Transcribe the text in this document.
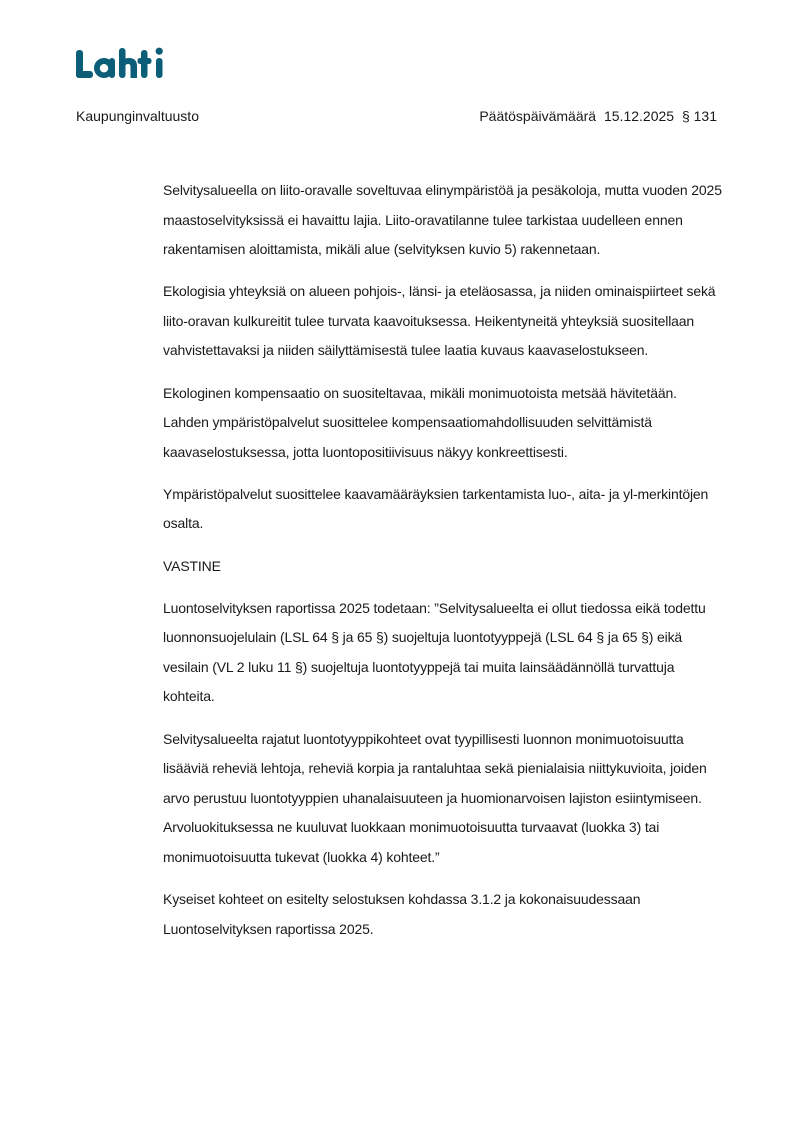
Kaupunginvaltuusto	Päätöspäivämäärä 15.12.2025 § 131

Selvitysalueella on liito-oravalle soveltuvaa elinympäristöä ja pesäkoloja, mutta vuoden 2025 maastoselvityksissä ei havaittu lajia. Liito-oravatilanne tulee tarkistaa uudelleen ennen rakentamisen aloittamista, mikäli alue (selvityksen kuvio 5) rakennetaan.

Ekologisia yhteyksiä on alueen pohjois-, länsi- ja eteläosassa, ja niiden ominaispiirteet sekä liito-oravan kulkureitit tulee turvata kaavoituksessa. Heikentyneitä yhteyksiä suositellaan vahvistettavaksi ja niiden säilyttämisestä tulee laatia kuvaus kaavaselostukseen.

Ekologinen kompensaatio on suositeltavaa, mikäli monimuotoista metsää hävitetään. Lahden ympäristöpalvelut suosittelee kompensaatiomahdollisuuden selvittämistä kaavaselostuksessa, jotta luontopositiivisuus näkyy konkreettisesti.

Ympäristöpalvelut suosittelee kaavamääräyksien tarkentamista luo-, aita- ja yl-merkintöjen osalta.

VASTINE

Luontoselvityksen raportissa 2025 todetaan: ”Selvitysalueelta ei ollut tiedossa eikä todettu luonnonsuojelulain (LSL 64 § ja 65 §) suojeltuja luontotyyppejä (LSL 64 § ja 65 §) eikä vesilain (VL 2 luku 11 §) suojeltuja luontotyyppejä tai muita lainsäädännöllä turvattuja kohteita.

Selvitysalueelta rajatut luontotyyppikohteet ovat tyypillisesti luonnon monimuotoisuutta lisääviä reheviä lehtoja, reheviä korpia ja rantaluhtaa sekä pienialaisia niittykuvioita, joiden arvo perustuu luontotyyppien uhanalaisuuteen ja huomionarvoisen lajiston esiintymiseen. Arvoluokituksessa ne kuuluvat luokkaan monimuotoisuutta turvaavat (luokka 3) tai monimuotoisuutta tukevat (luokka 4) kohteet.”

Kyseiset kohteet on esitelty selostuksen kohdassa 3.1.2 ja kokonaisuudessaan Luontoselvityksen raportissa 2025.
